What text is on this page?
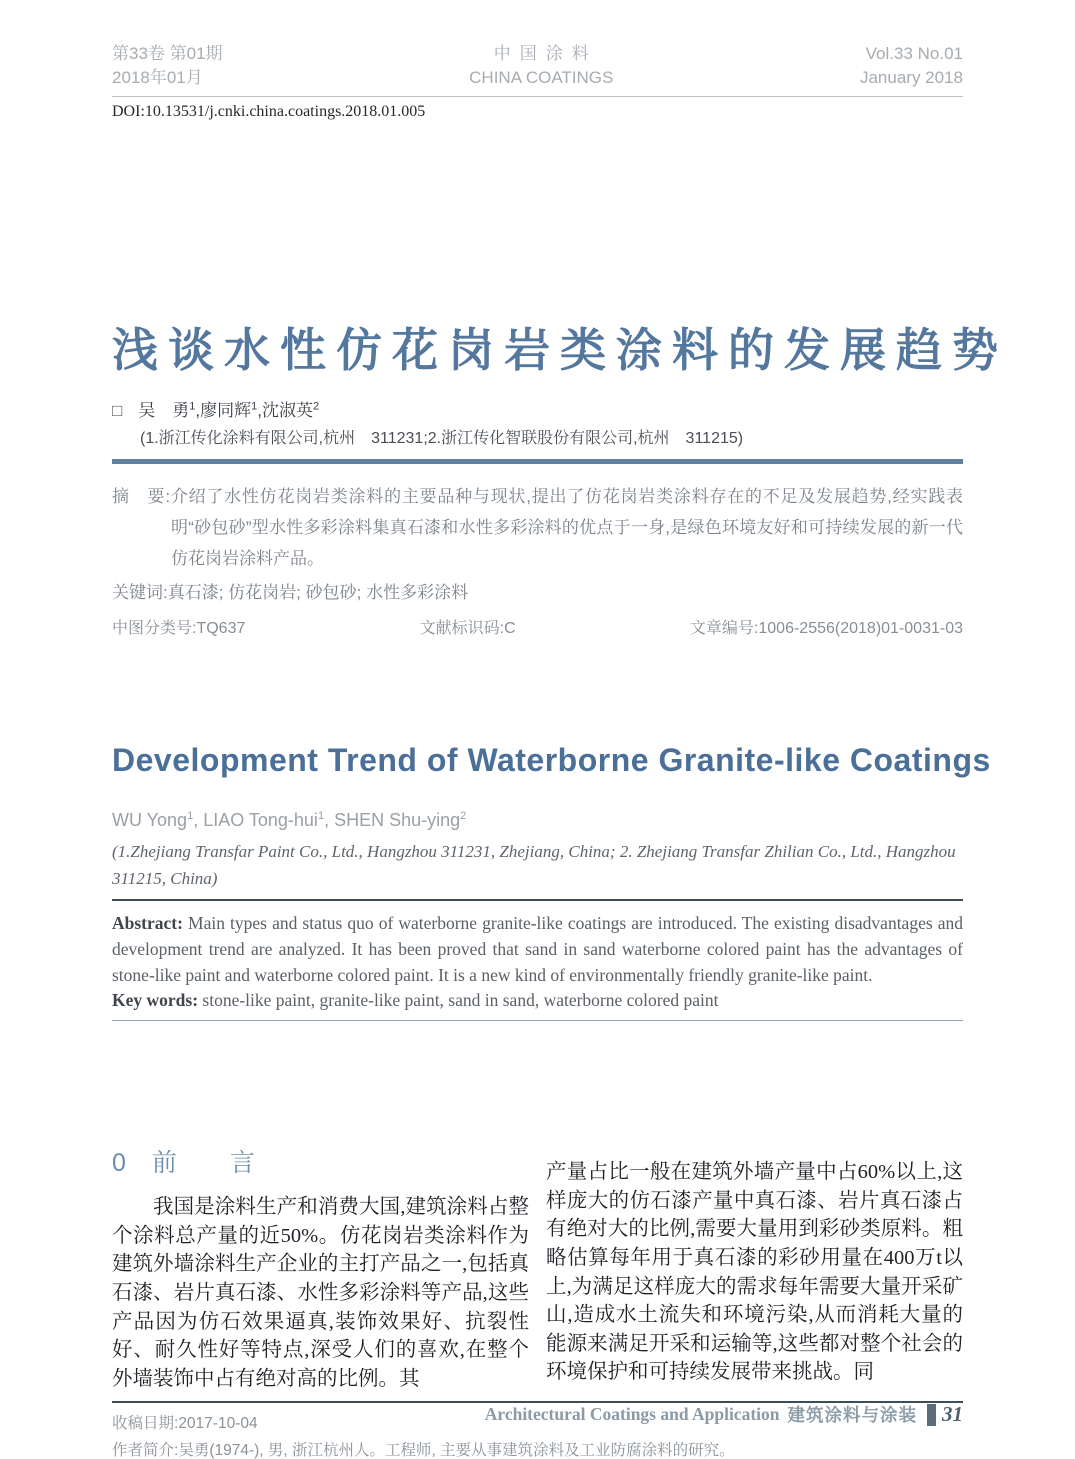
第33卷 第01期
2018年01月
中国涂料
CHINA COATINGS
Vol.33 No.01
January 2018
DOI:10.13531/j.cnki.china.coatings.2018.01.005
浅谈水性仿花岗岩类涂料的发展趋势
□ 吴　勇$^1$,廖同辉$^1$,沈淑英$^2$
(1.浙江传化涂料有限公司,杭州　311231;2.浙江传化智联股份有限公司,杭州　311215)
摘　要:介绍了水性仿花岗岩类涂料的主要品种与现状,提出了仿花岗岩类涂料存在的不足及发展趋势,经实践表明“砂包砂”型水性多彩涂料集真石漆和水性多彩涂料的优点于一身,是绿色环境友好和可持续发展的新一代仿花岗岩涂料产品。
关键词:真石漆; 仿花岗岩; 砂包砂; 水性多彩涂料
中图分类号:TQ637	文献标识码:C	文章编号:1006-2556(2018)01-0031-03
Development Trend of Waterborne Granite-like Coatings
WU Yong$^1$, LIAO Tong-hui$^1$, SHEN Shu-ying$^2$
(1.Zhejiang Transfar Paint Co., Ltd., Hangzhou 311231, Zhejiang, China; 2. Zhejiang Transfar Zhilian Co., Ltd., Hangzhou 311215, China)
Abstract: Main types and status quo of waterborne granite-like coatings are introduced. The existing disadvantages and development trend are analyzed. It has been proved that sand in sand waterborne colored paint has the advantages of stone-like paint and waterborne colored paint. It is a new kind of environmentally friendly granite-like paint.
Key words: stone-like paint, granite-like paint, sand in sand, waterborne colored paint
0 前　言

我国是涂料生产和消费大国,建筑涂料占整个涂料总产量的近50%。仿花岗岩类涂料作为建筑外墙涂料生产企业的主打产品之一,包括真石漆、岩片真石漆、水性多彩涂料等产品,这些产品因为仿石效果逼真,装饰效果好、抗裂性好、耐久性好等特点,深受人们的喜欢,在整个外墙装饰中占有绝对高的比例。其

产量占比一般在建筑外墙产量中占60%以上,这样庞大的仿石漆产量中真石漆、岩片真石漆占有绝对大的比例,需要大量用到彩砂类原料。粗略估算每年用于真石漆的彩砂用量在400万t以上,为满足这样庞大的需求每年需要大量开采矿山,造成水土流失和环境污染,从而消耗大量的能源来满足开采和运输等,这些都对整个社会的环境保护和可持续发展带来挑战。同

收稿日期:2017-10-04
作者简介:吴勇(1974-), 男, 浙江杭州人。工程师, 主要从事建筑涂料及工业防腐涂料的研究。
Architectural Coatings and Application 建筑涂料与涂装 31
